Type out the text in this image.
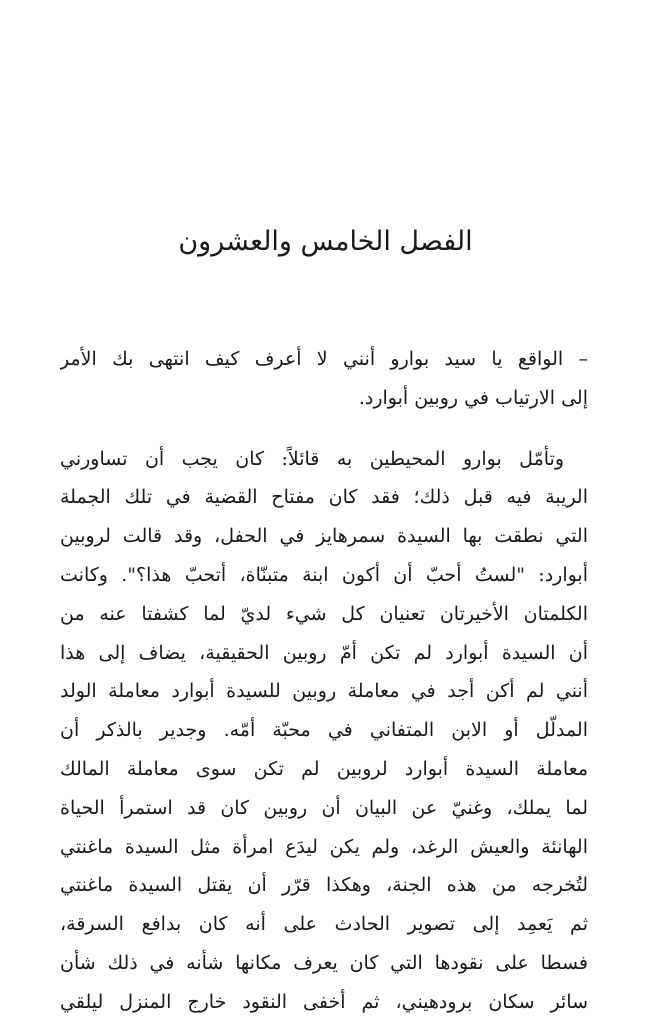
الفصل الخامس والعشرون
– الواقع يا سيد بوارو أنني لا أعرف كيف انتهى بك الأمر
إلى الارتياب في روبين أبوارد.
وتأمّل بوارو المحيطين به قائلاً: كان يجب أن تساورني
الريبة فيه قبل ذلك؛ فقد كان مفتاح القضية في تلك الجملة
التي نطقت بها السيدة سمرهايز في الحفل، وقد قالت لروبين
أبوارد: "لستُ أحبّ أن أكون ابنة متبنّاة، أتحبّ هذا؟". وكانت
الكلمتان الأخيرتان تعنيان كل شيء لديّ لما كشفتا عنه من
أن السيدة أبوارد لم تكن أمّ روبين الحقيقية، يضاف إلى هذا
أنني لم أكن أجد في معاملة روبين للسيدة أبوارد معاملة الولد
المدلّل أو الابن المتفاني في محبّة أمّه. وجدير بالذكر أن
معاملة السيدة أبوارد لروبين لم تكن سوى معاملة المالك
لما يملك، وغنيّ عن البيان أن روبين كان قد استمرأ الحياة
الهانئة والعيش الرغد، ولم يكن ليدَع امرأة مثل السيدة ماغنتي
لتُخرجه من هذه الجنة، وهكذا قرّر أن يقتل السيدة ماغنتي
ثم يَعمِد إلى تصوير الحادث على أنه كان بدافع السرقة،
فسطا على نقودها التي كان يعرف مكانها شأنه في ذلك شأن
سائر سكان برودهيني، ثم أخفى النقود خارج المنزل ليلقي
